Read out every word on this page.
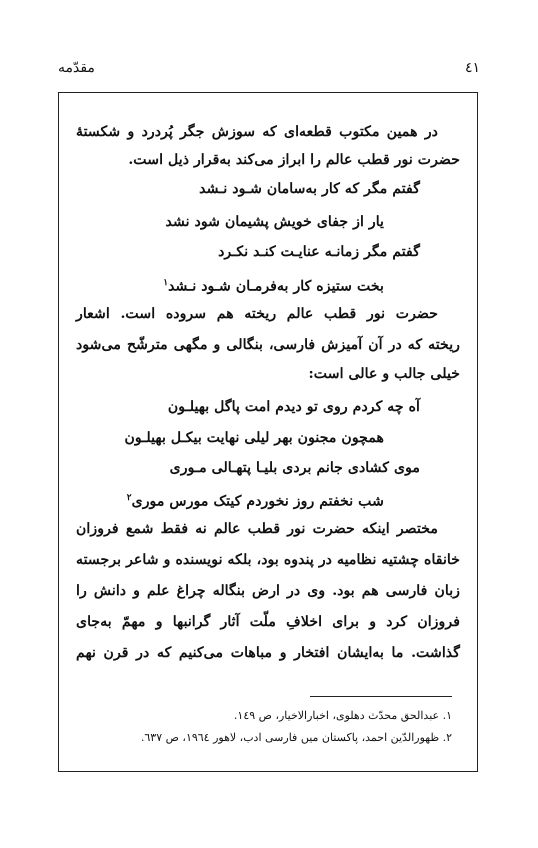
٤١
مقدّمه
در همین مکتوب قطعه‌ای که سوزش جگر پُردرد و شکستۀ
حضرت نور قطب عالم را ابراز می‌کند به‌قرار ذیل است.
گفتم مگر که کار به‌سامان شـود نـشد
یار از جفای خویش پشیمان شود نشد
گفتم مگر زمانـه عنایـت کنـد نکـرد
بخت ستیزه کار به‌فرمـان شـود نـشد$^١$
حضرت نور قطب عالم ریخته هم سروده است. اشعار
ریخته که در آن آمیزش فارسی، بنگالی و مگهی مترشّح می‌شود
خیلی جالب و عالی است:
آه چه کردم روی تو دیدم امت پاگل بهیلـون
همچون مجنون بهر لیلی نهایت بیکـل بهیلـون
موی کشادی جانم بردی بلیـا پتهـالی مـوری
شب نخفتم روز نخوردم کیتک مورس موری$^٢$
مختصر اینکه حضرت نور قطب عالم نه فقط شمع فروزان
خانقاه چشتیه نظامیه در پندوه بود، بلکه نویسنده و شاعر برجسته
زبان فارسی هم بود. وی در ارض بنگاله چراغ علم و دانش را
فروزان کرد و برای اخلافِ ملّت آثار گرانبها و مهمّ به‌جای
گذاشت. ما به‌ایشان افتخار و مباهات می‌کنیم که در قرن نهم
١. عبدالحق محدّث دهلوی، اخبارالاخیار، ص ١٤٩.
٢. ظهورالدّین احمد، پاکستان میں فارسی ادب، لاهور ١٩٦٤، ص ٦٣٧.
